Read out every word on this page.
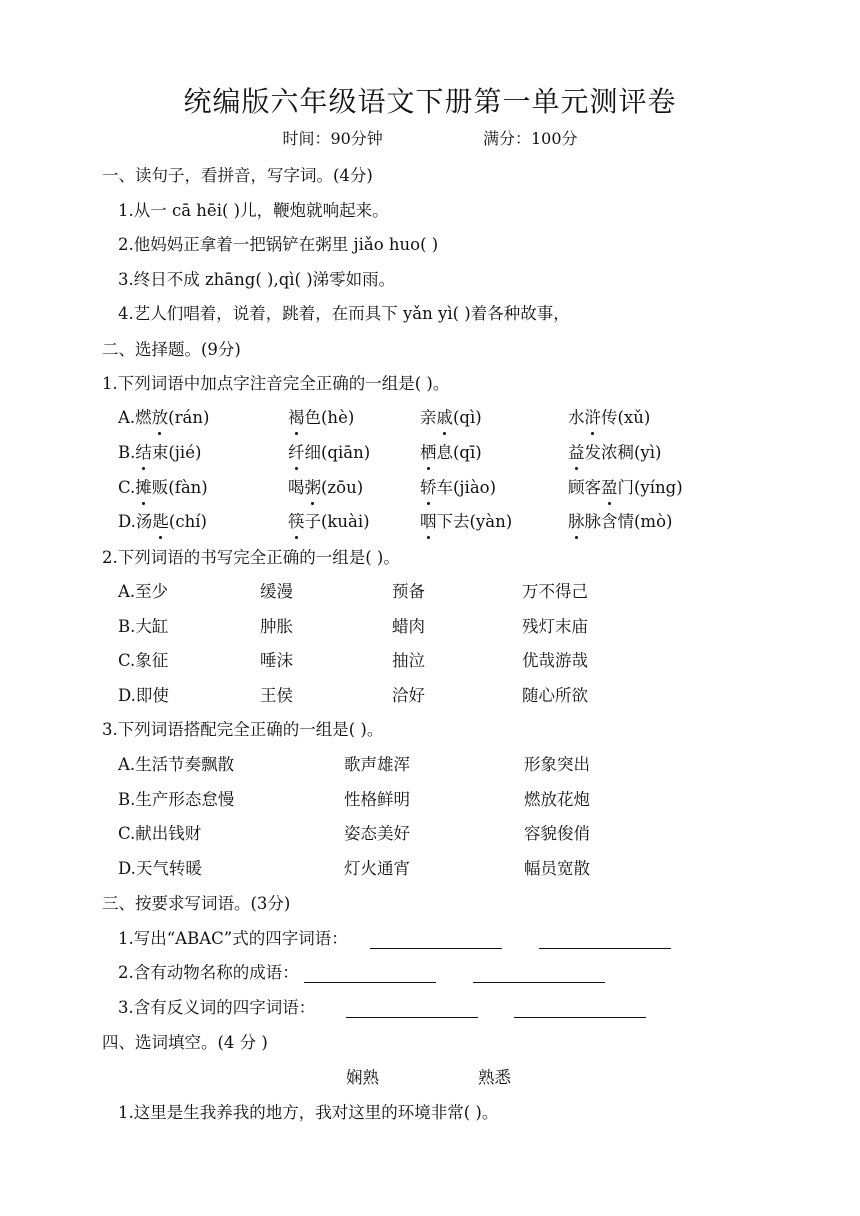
统编版六年级语文下册第一单元测评卷
时间：90分钟	满分：100分
一、读句子，看拼音，写字词。(4分)
1.从一 cā hēi( )儿，鞭炮就响起来。
2.他妈妈正拿着一把锅铲在粥里 jiǎo huo( )
3.终日不成 zhāng( ),qì( )涕零如雨。
4.艺人们唱着，说着，跳着，在而具下 yǎn yì( )着各种故事，
二、选择题。(9分)
1.下列词语中加点字注音完全正确的一组是( )。
A.燃放(rán)	褐色(hè)	亲戚(qì)	水浒传(xǔ)
B.结束(jié)	纤细(qiān)	栖息(qī)	益发浓稠(yì)
C.摊贩(fàn)	喝粥(zōu)	轿车(jiào)	顾客盈门(yíng)
D.汤匙(chí)	筷子(kuài)	咽下去(yàn)	脉脉含情(mò)
2.下列词语的书写完全正确的一组是( )。
A.至少	缓漫	预备	万不得己
B.大缸	肿胀	蜡肉	残灯末庙
C.象征	唾沫	抽泣	优哉游哉
D.即使	王侯	洽好	随心所欲
3.下列词语搭配完全正确的一组是( )。
A.生活节奏飘散	歌声雄浑	形象突出
B.生产形态怠慢	性格鲜明	燃放花炮
C.献出钱财	姿态美好	容貌俊俏
D.天气转暖	灯火通宵	幅员宽散
三、按要求写词语。(3分)
1.写出“ABAC”式的四字词语：
2.含有动物名称的成语：
3.含有反义词的四字词语：
四、选词填空。(4 分 )
娴熟	熟悉
1.这里是生我养我的地方，我对这里的环境非常( )。
